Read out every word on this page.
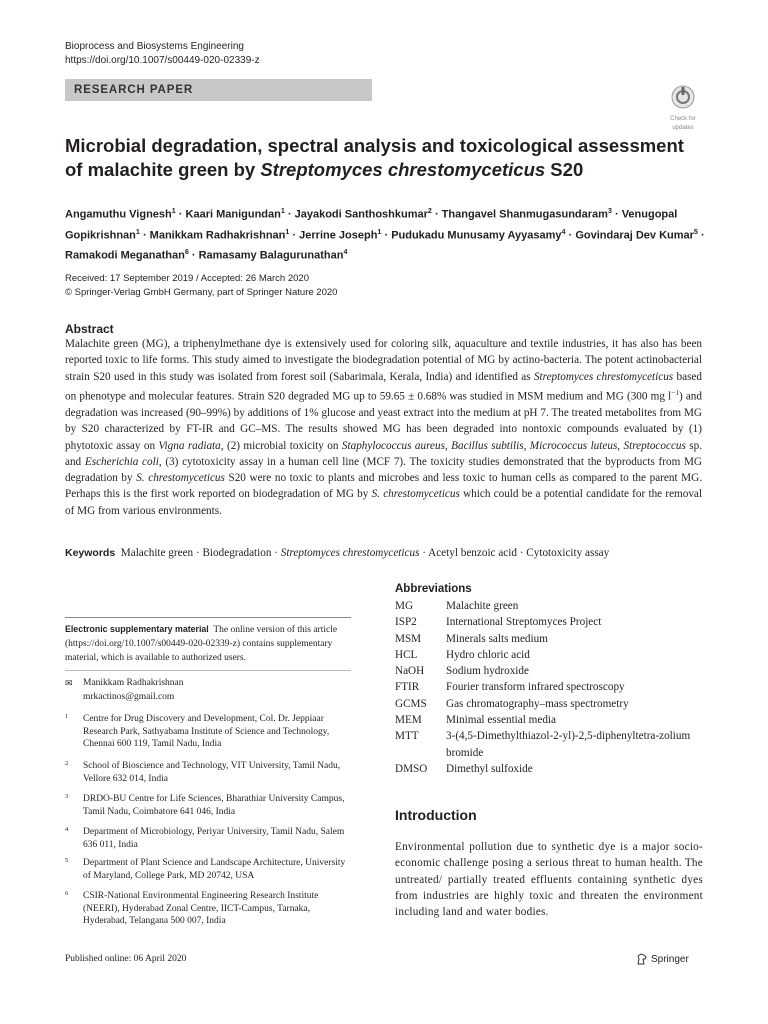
Bioprocess and Biosystems Engineering
https://doi.org/10.1007/s00449-020-02339-z
RESEARCH PAPER
Check for
updates
Microbial degradation, spectral analysis and toxicological assessment of malachite green by Streptomyces chrestomyceticus S20
Angamuthu Vignesh$^1$ · Kaari Manigundan$^1$ · Jayakodi Santhoshkumar$^2$ · Thangavel Shanmugasundaram$^3$ · Venugopal Gopikrishnan$^1$ · Manikkam Radhakrishnan$^1$ · Jerrine Joseph$^1$ · Pudukadu Munusamy Ayyasamy$^4$ · Govindaraj Dev Kumar$^5$ · Ramakodi Meganathan$^6$ · Ramasamy Balagurunathan$^4$
Received: 17 September 2019 / Accepted: 26 March 2020
© Springer-Verlag GmbH Germany, part of Springer Nature 2020
Abstract
Malachite green (MG), a triphenylmethane dye is extensively used for coloring silk, aquaculture and textile industries, it has also has been reported toxic to life forms. This study aimed to investigate the biodegradation potential of MG by actino-bacteria. The potent actinobacterial strain S20 used in this study was isolated from forest soil (Sabarimala, Kerala, India) and identified as Streptomyces chrestomyceticus based on phenotype and molecular features. Strain S20 degraded MG up to 59.65 ± 0.68% was studied in MSM medium and MG (300 mg $l^{-1}$) and degradation was increased (90–99%) by additions of 1% glucose and yeast extract into the medium at pH 7. The treated metabolites from MG by S20 characterized by FT-IR and GC–MS. The results showed MG has been degraded into nontoxic compounds evaluated by (1) phytotoxic assay on Vigna radiata, (2) microbial toxicity on Staphylococcus aureus, Bacillus subtilis, Micrococcus luteus, Streptococcus sp. and Escherichia coli, (3) cytotoxicity assay in a human cell line (MCF 7). The toxicity studies demonstrated that the byproducts from MG degradation by S. chrestomyceticus S20 were no toxic to plants and microbes and less toxic to human cells as compared to the parent MG. Perhaps this is the first work reported on biodegradation of MG by S. chrestomyceticus which could be a potential candidate for the removal of MG from various environments.
Keywords Malachite green · Biodegradation · Streptomyces chrestomyceticus · Acetyl benzoic acid · Cytotoxicity assay
Electronic supplementary material The online version of this article (https://doi.org/10.1007/s00449-020-02339-z) contains supplementary material, which is available to authorized users.
✉ Manikkam Radhakrishnan
mrkactinos@gmail.com
1 Centre for Drug Discovery and Development, Col. Dr. Jeppiaar Research Park, Sathyabama Institute of Science and Technology, Chennai 600 119, Tamil Nadu, India
2 School of Bioscience and Technology, VIT University, Tamil Nadu, Vellore 632 014, India
3 DRDO-BU Centre for Life Sciences, Bharathiar University Campus, Tamil Nadu, Coimbatore 641 046, India
4 Department of Microbiology, Periyar University, Tamil Nadu, Salem 636 011, India
5 Department of Plant Science and Landscape Architecture, University of Maryland, College Park, MD 20742, USA
6 CSIR-National Environmental Engineering Research Institute (NEERI), Hyderabad Zonal Centre, IICT-Campus, Tarnaka, Hyderabad, Telangana 500 007, India
Abbreviations
MG	Malachite green
ISP2	International Streptomyces Project
MSM	Minerals salts medium
HCL	Hydro chloric acid
NaOH	Sodium hydroxide
FTIR	Fourier transform infrared spectroscopy
GCMS	Gas chromatography–mass spectrometry
MEM	Minimal essential media
MTT	3-(4,5-Dimethylthiazol-2-yl)-2,5-diphenyltetra-zolium bromide
DMSO	Dimethyl sulfoxide
Introduction
Environmental pollution due to synthetic dye is a major socio-economic challenge posing a serious threat to human health. The untreated/ partially treated effluents containing synthetic dyes from industries are highly toxic and threaten the environment including land and water bodies.
Published online: 06 April 2020	Springer
